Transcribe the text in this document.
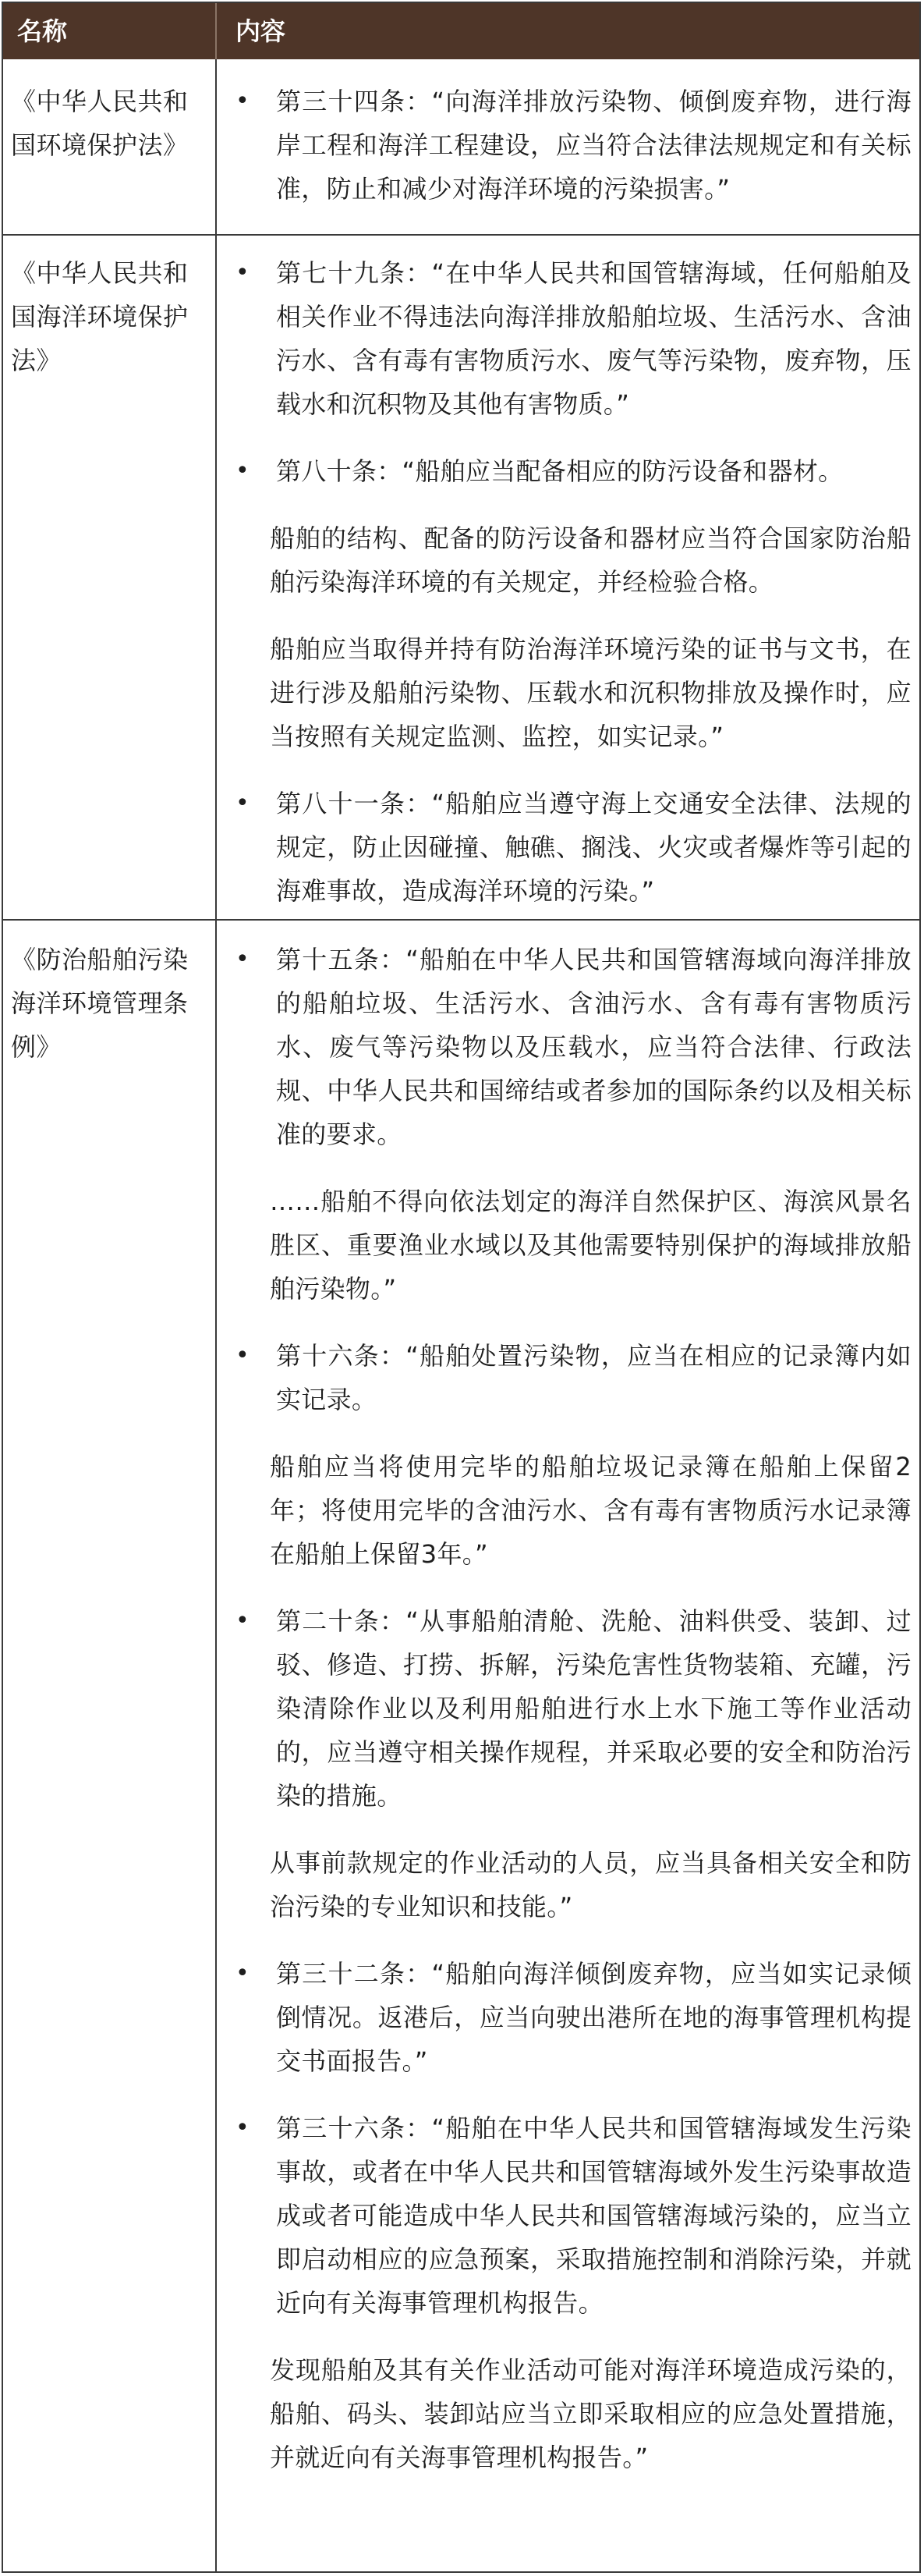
名称	内容
《中华人民共和国环境保护法》
• 第三十四条：“向海洋排放污染物、倾倒废弃物，进行海岸工程和海洋工程建设，应当符合法律法规规定和有关标准，防止和减少对海洋环境的污染损害。”
《中华人民共和国海洋环境保护法》
• 第七十九条：“在中华人民共和国管辖海域，任何船舶及相关作业不得违法向海洋排放船舶垃圾、生活污水、含油污水、含有毒有害物质污水、废气等污染物，废弃物，压载水和沉积物及其他有害物质。”
• 第八十条：“船舶应当配备相应的防污设备和器材。
船舶的结构、配备的防污设备和器材应当符合国家防治船舶污染海洋环境的有关规定，并经检验合格。
船舶应当取得并持有防治海洋环境污染的证书与文书，在进行涉及船舶污染物、压载水和沉积物排放及操作时，应当按照有关规定监测、监控，如实记录。”
• 第八十一条：“船舶应当遵守海上交通安全法律、法规的规定，防止因碰撞、触礁、搁浅、火灾或者爆炸等引起的海难事故，造成海洋环境的污染。”
《防治船舶污染海洋环境管理条例》
• 第十五条：“船舶在中华人民共和国管辖海域向海洋排放的船舶垃圾、生活污水、含油污水、含有毒有害物质污水、废气等污染物以及压载水，应当符合法律、行政法规、中华人民共和国缔结或者参加的国际条约以及相关标准的要求。
……船舶不得向依法划定的海洋自然保护区、海滨风景名胜区、重要渔业水域以及其他需要特别保护的海域排放船舶污染物。”
• 第十六条：“船舶处置污染物，应当在相应的记录簿内如实记录。
船舶应当将使用完毕的船舶垃圾记录簿在船舶上保留2年；将使用完毕的含油污水、含有毒有害物质污水记录簿在船舶上保留3年。”
• 第二十条：“从事船舶清舱、洗舱、油料供受、装卸、过驳、修造、打捞、拆解，污染危害性货物装箱、充罐，污染清除作业以及利用船舶进行水上水下施工等作业活动的，应当遵守相关操作规程，并采取必要的安全和防治污染的措施。
从事前款规定的作业活动的人员，应当具备相关安全和防治污染的专业知识和技能。”
• 第三十二条：“船舶向海洋倾倒废弃物，应当如实记录倾倒情况。返港后，应当向驶出港所在地的海事管理机构提交书面报告。”
• 第三十六条：“船舶在中华人民共和国管辖海域发生污染事故，或者在中华人民共和国管辖海域外发生污染事故造成或者可能造成中华人民共和国管辖海域污染的，应当立即启动相应的应急预案，采取措施控制和消除污染，并就近向有关海事管理机构报告。
发现船舶及其有关作业活动可能对海洋环境造成污染的，船舶、码头、装卸站应当立即采取相应的应急处置措施，并就近向有关海事管理机构报告。”
